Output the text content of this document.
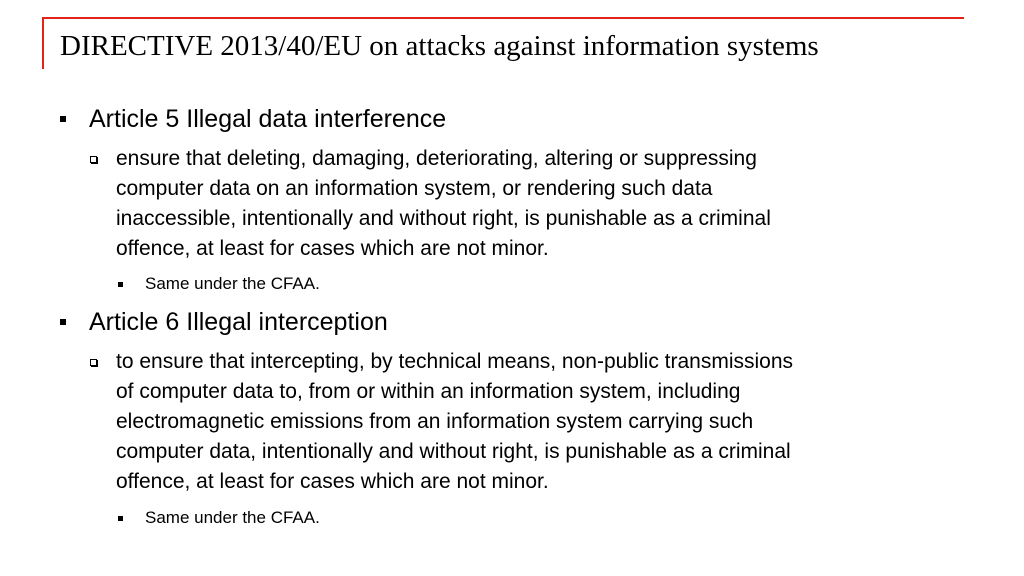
DIRECTIVE 2013/40/EU on attacks against information systems
Article 5 Illegal data interference
ensure that deleting, damaging, deteriorating, altering or suppressing
computer data on an information system, or rendering such data
inaccessible, intentionally and without right, is punishable as a criminal
offence, at least for cases which are not minor.
Same under the CFAA.
Article 6 Illegal interception
to ensure that intercepting, by technical means, non-public transmissions
of computer data to, from or within an information system, including
electromagnetic emissions from an information system carrying such
computer data, intentionally and without right, is punishable as a criminal
offence, at least for cases which are not minor.
Same under the CFAA.
